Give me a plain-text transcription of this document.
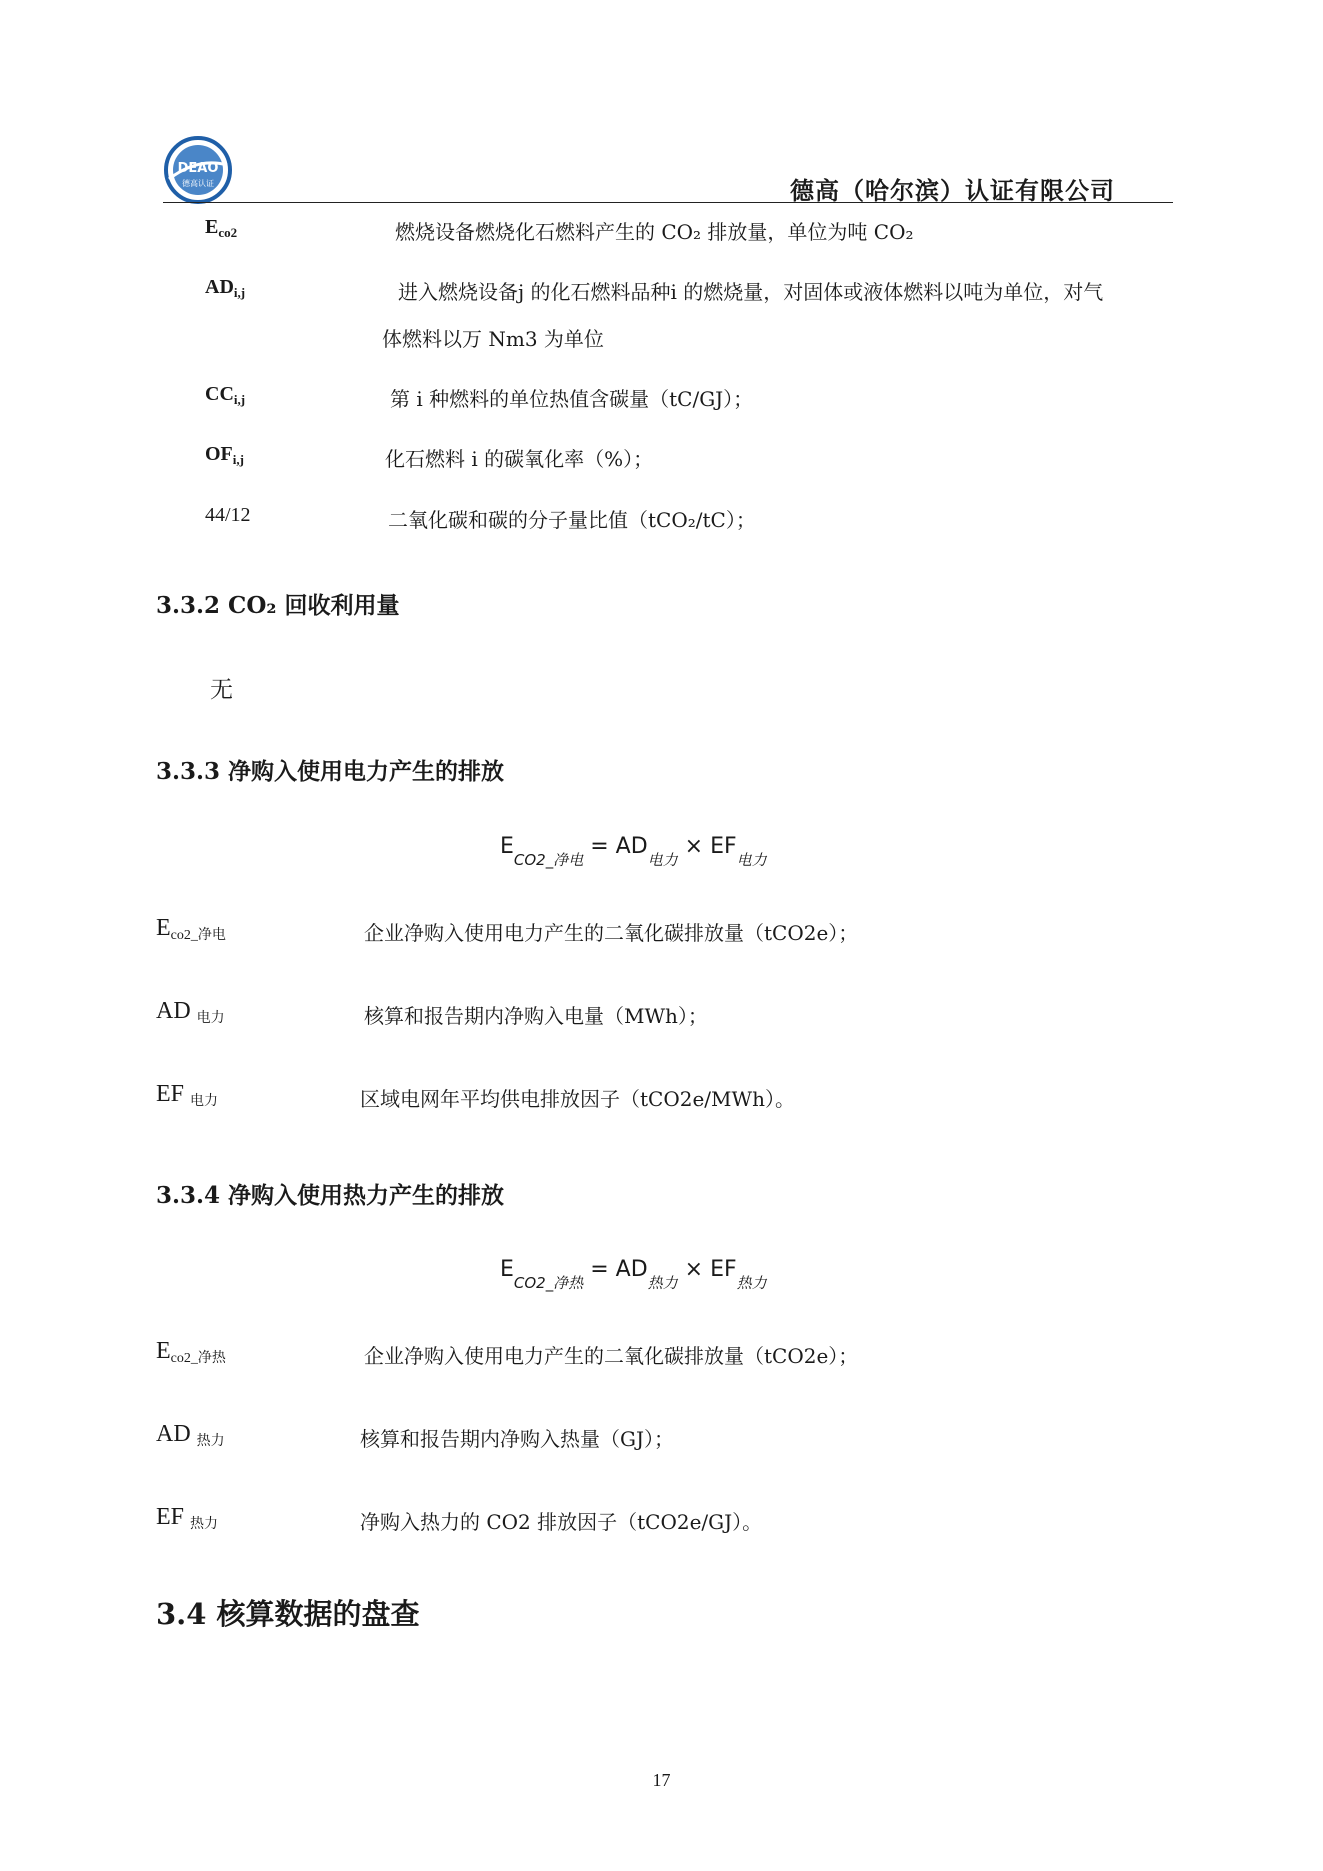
DEAO
德高认证	德高（哈尔滨）认证有限公司
$E_{co2}$	燃烧设备燃烧化石燃料产生的 CO₂ 排放量，单位为吨 CO₂
$AD_{i,j}$	进入燃烧设备j 的化石燃料品种i 的燃烧量，对固体或液体燃料以吨为单位，对气
体燃料以万 Nm3 为单位
$CC_{i,j}$	第 i 种燃料的单位热值含碳量（tC/GJ）；
$OF_{i,j}$	化石燃料 i 的碳氧化率（%）；
44/12	二氧化碳和碳的分子量比值（tCO₂/tC）；
3.3.2 CO₂ 回收利用量
无
3.3.3 净购入使用电力产生的排放
$E_{CO2\_净电} = AD_{电力} \times EF_{电力}$
Eco2_净电	企业净购入使用电力产生的二氧化碳排放量（tCO2e）；
AD 电力	核算和报告期内净购入电量（MWh）；
EF 电力	区域电网年平均供电排放因子（tCO2e/MWh）。
3.3.4 净购入使用热力产生的排放
$E_{CO2\_净热} = AD_{热力} \times EF_{热力}$
Eco2_净热	企业净购入使用电力产生的二氧化碳排放量（tCO2e）；
AD 热力	核算和报告期内净购入热量（GJ）；
EF 热力	净购入热力的 CO2 排放因子（tCO2e/GJ）。
3.4 核算数据的盘查
17
